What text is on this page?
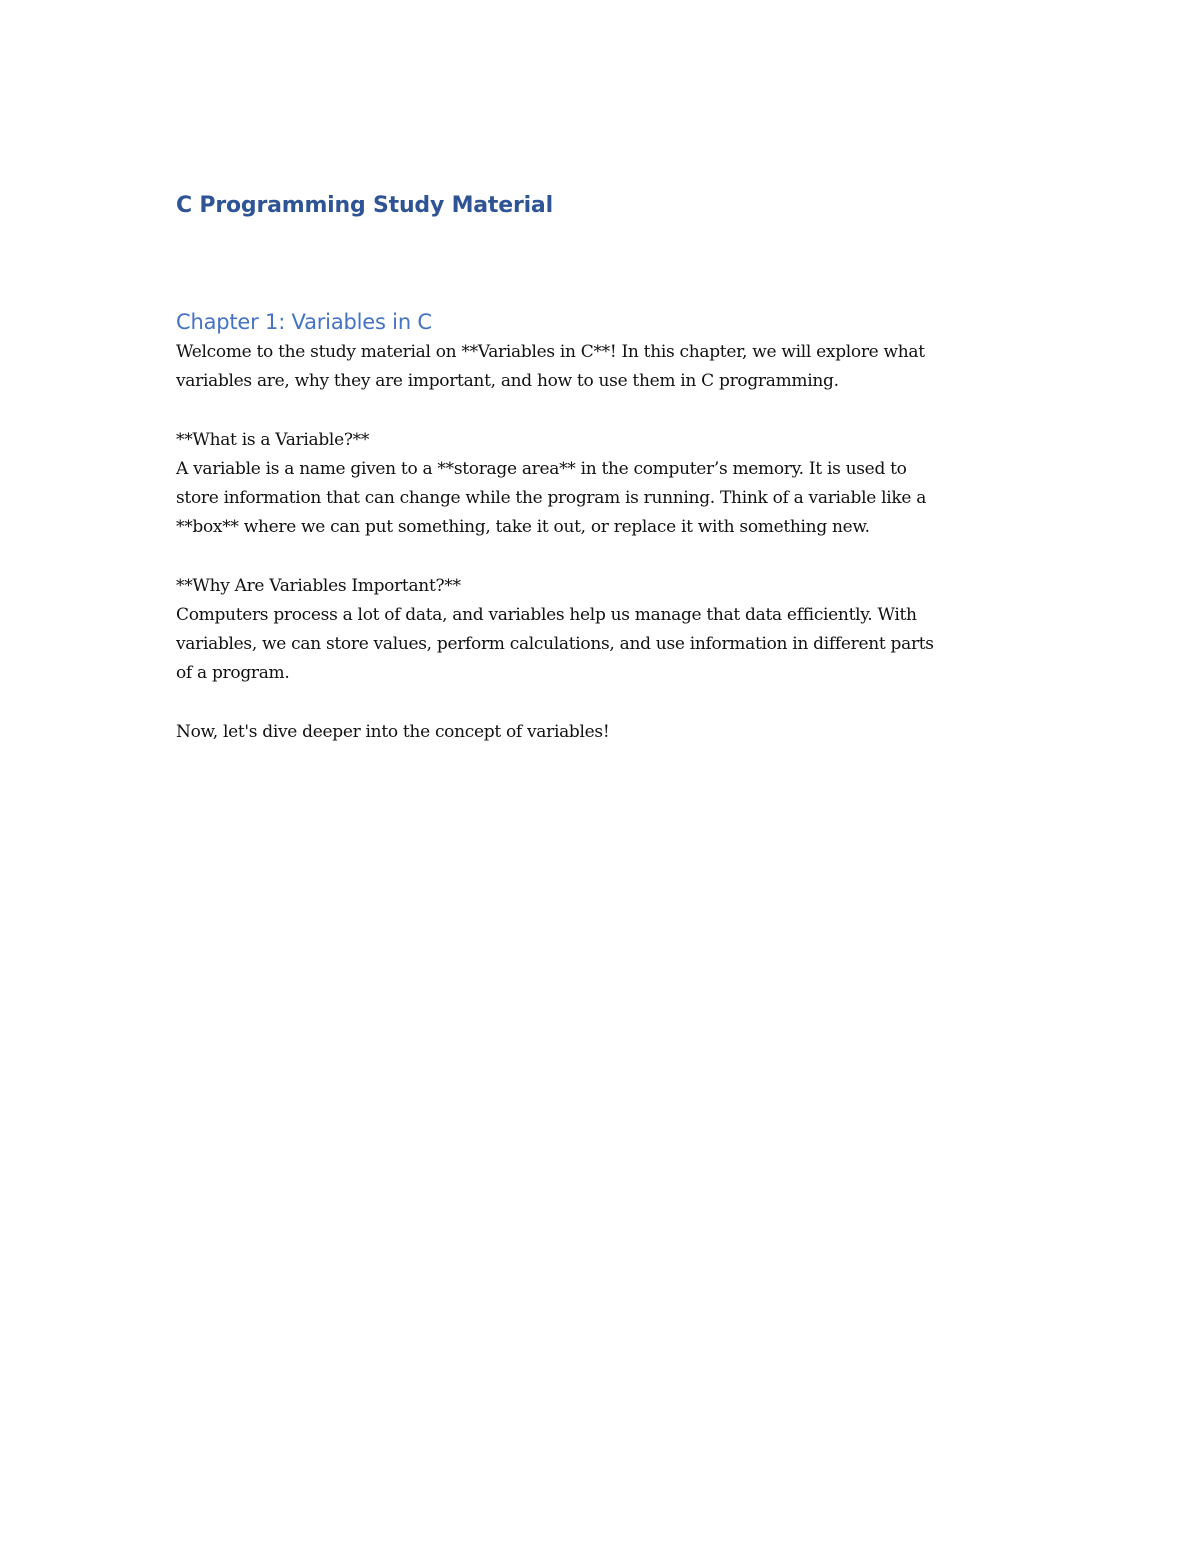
C Programming Study Material
Chapter 1: Variables in C

Welcome to the study material on **Variables in C**! In this chapter, we will explore what
variables are, why they are important, and how to use them in C programming.

**What is a Variable?**
A variable is a name given to a **storage area** in the computer’s memory. It is used to
store information that can change while the program is running. Think of a variable like a
**box** where we can put something, take it out, or replace it with something new.

**Why Are Variables Important?**
Computers process a lot of data, and variables help us manage that data efficiently. With
variables, we can store values, perform calculations, and use information in different parts
of a program.

Now, let's dive deeper into the concept of variables!
